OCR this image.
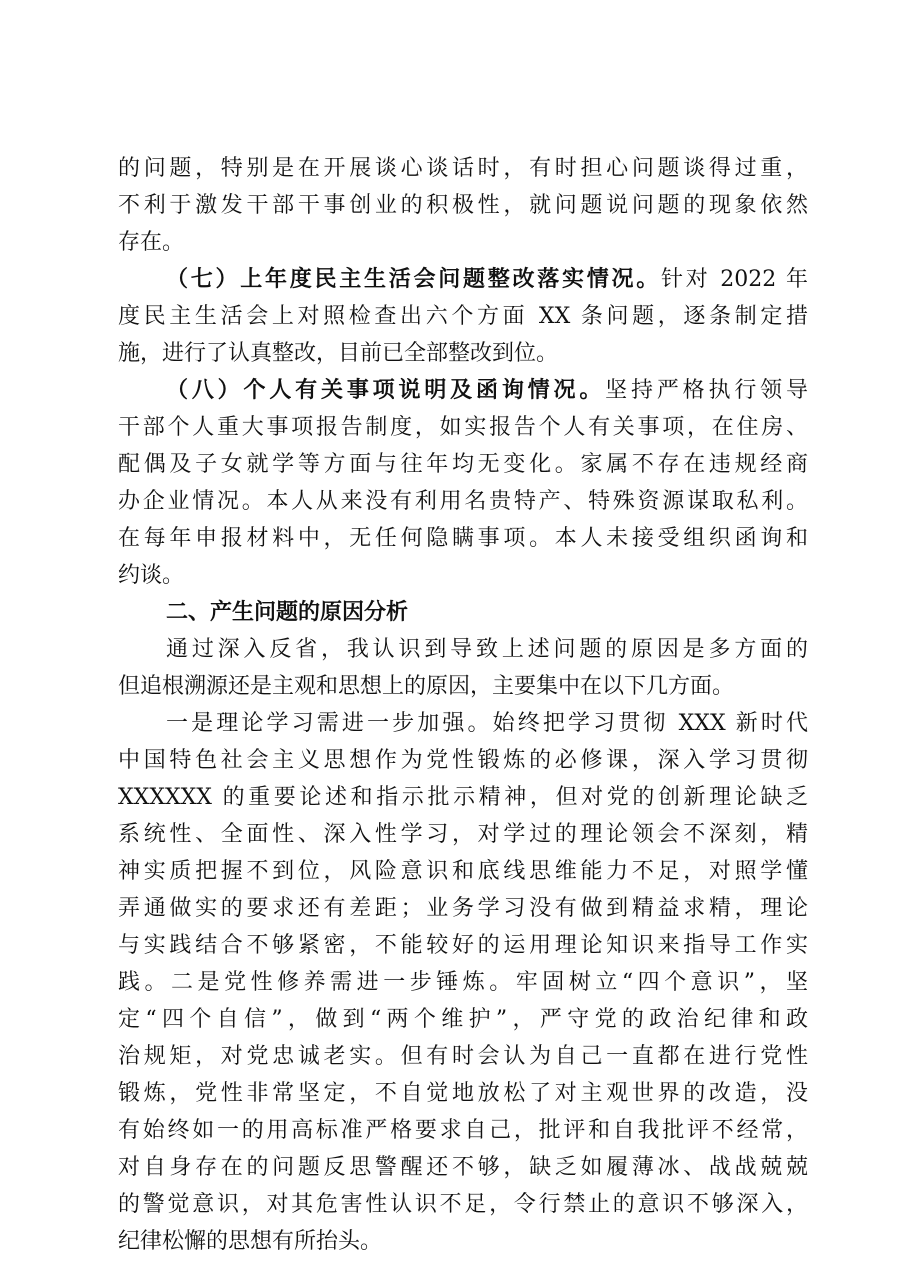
的问题，特别是在开展谈心谈话时，有时担心问题谈得过重，
不利于激发干部干事创业的积极性，就问题说问题的现象依然
存在。
（七）上年度民主生活会问题整改落实情况。针对 2022 年
度民主生活会上对照检查出六个方面 XX 条问题，逐条制定措
施，进行了认真整改，目前已全部整改到位。
（八）个人有关事项说明及函询情况。坚持严格执行领导
干部个人重大事项报告制度，如实报告个人有关事项，在住房、
配偶及子女就学等方面与往年均无变化。家属不存在违规经商
办企业情况。本人从来没有利用名贵特产、特殊资源谋取私利。
在每年申报材料中，无任何隐瞒事项。本人未接受组织函询和
约谈。
二、产生问题的原因分析
通过深入反省，我认识到导致上述问题的原因是多方面的
但追根溯源还是主观和思想上的原因，主要集中在以下几方面。
一是理论学习需进一步加强。始终把学习贯彻 XXX 新时代
中国特色社会主义思想作为党性锻炼的必修课，深入学习贯彻
XXXXXX 的重要论述和指示批示精神，但对党的创新理论缺乏
系统性、全面性、深入性学习，对学过的理论领会不深刻，精
神实质把握不到位，风险意识和底线思维能力不足，对照学懂
弄通做实的要求还有差距；业务学习没有做到精益求精，理论
与实践结合不够紧密，不能较好的运用理论知识来指导工作实
践。二是党性修养需进一步锤炼。牢固树立“四个意识”，坚
定“四个自信”，做到“两个维护”，严守党的政治纪律和政
治规矩，对党忠诚老实。但有时会认为自己一直都在进行党性
锻炼，党性非常坚定，不自觉地放松了对主观世界的改造，没
有始终如一的用高标准严格要求自己，批评和自我批评不经常，
对自身存在的问题反思警醒还不够，缺乏如履薄冰、战战兢兢
的警觉意识，对其危害性认识不足，令行禁止的意识不够深入，
纪律松懈的思想有所抬头。
